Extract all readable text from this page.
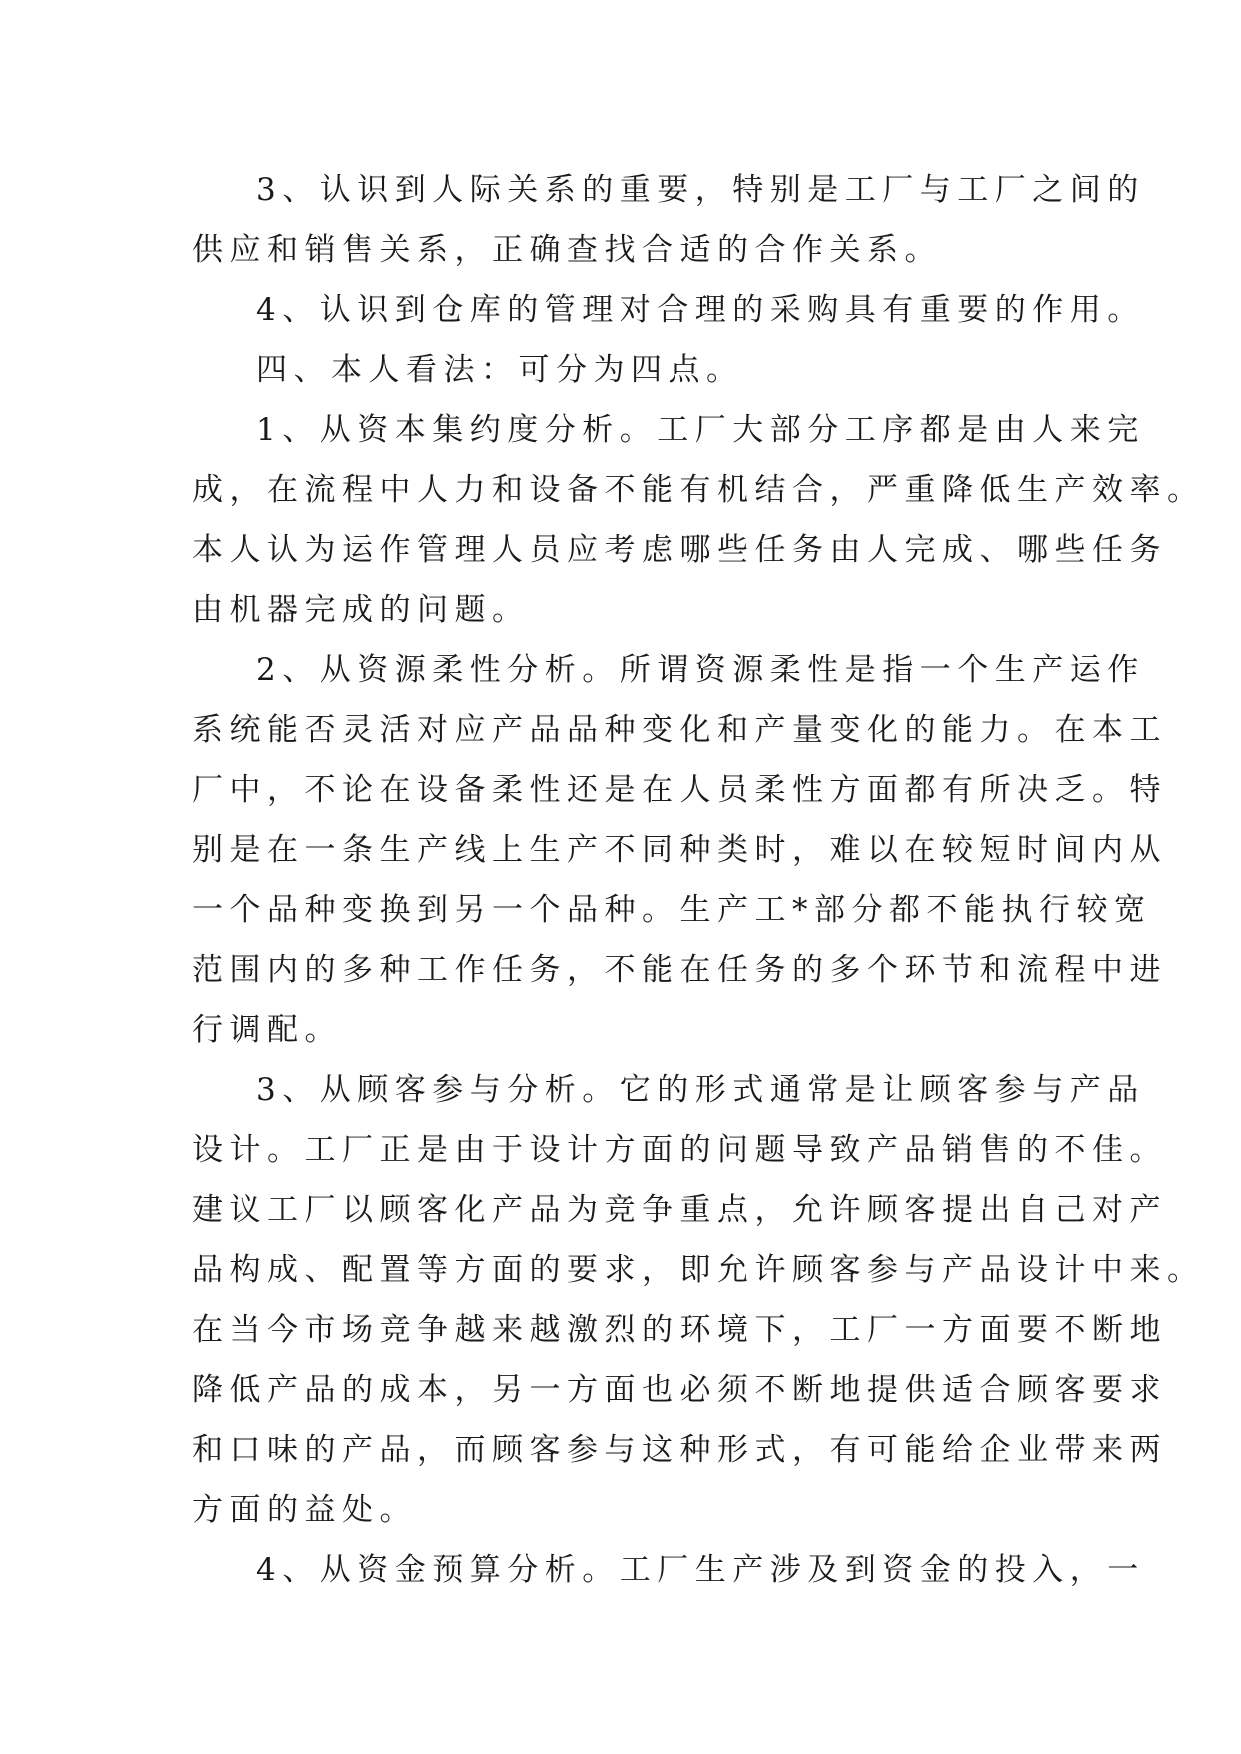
3、认识到人际关系的重要，特别是工厂与工厂之间的
供应和销售关系，正确查找合适的合作关系。
4、认识到仓库的管理对合理的采购具有重要的作用。
四、本人看法：可分为四点。
1、从资本集约度分析。工厂大部分工序都是由人来完
成，在流程中人力和设备不能有机结合，严重降低生产效率。
本人认为运作管理人员应考虑哪些任务由人完成、哪些任务
由机器完成的问题。
2、从资源柔性分析。所谓资源柔性是指一个生产运作
系统能否灵活对应产品品种变化和产量变化的能力。在本工
厂中，不论在设备柔性还是在人员柔性方面都有所决乏。特
别是在一条生产线上生产不同种类时，难以在较短时间内从
一个品种变换到另一个品种。生产工*部分都不能执行较宽
范围内的多种工作任务，不能在任务的多个环节和流程中进
行调配。
3、从顾客参与分析。它的形式通常是让顾客参与产品
设计。工厂正是由于设计方面的问题导致产品销售的不佳。
建议工厂以顾客化产品为竞争重点，允许顾客提出自己对产
品构成、配置等方面的要求，即允许顾客参与产品设计中来。
在当今市场竞争越来越激烈的环境下，工厂一方面要不断地
降低产品的成本，另一方面也必须不断地提供适合顾客要求
和口味的产品，而顾客参与这种形式，有可能给企业带来两
方面的益处。
4、从资金预算分析。工厂生产涉及到资金的投入，一
